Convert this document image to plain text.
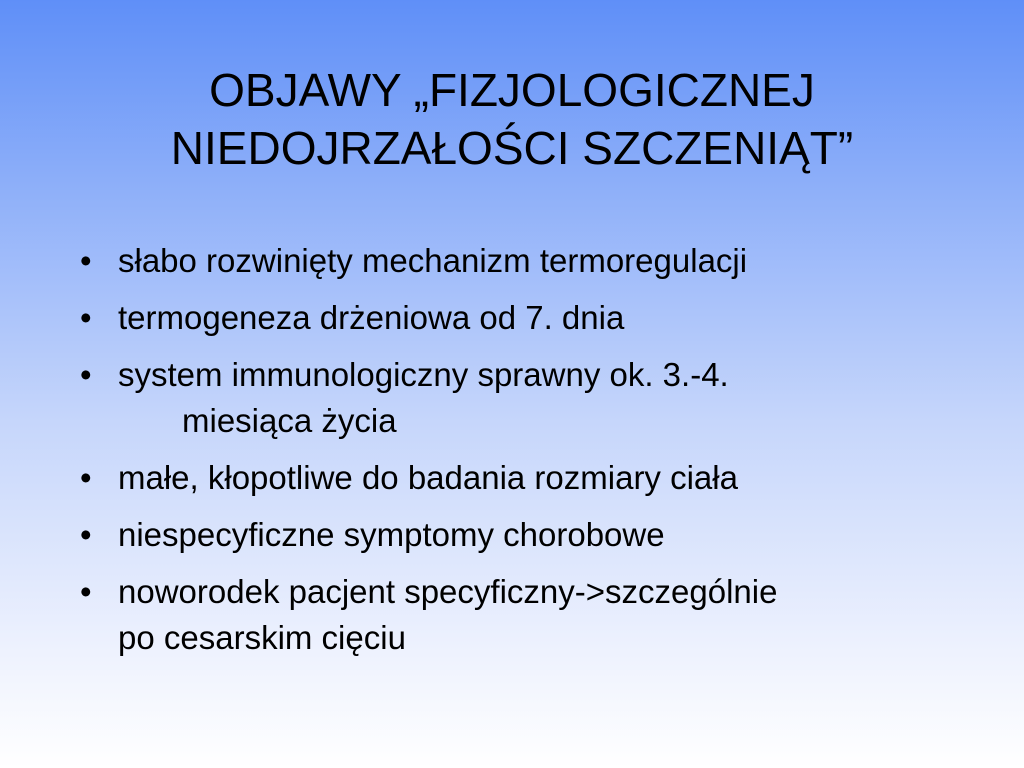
OBJAWY „FIZJOLOGICZNEJ
NIEDOJRZAŁOŚCI SZCZENIĄT”
• słabo rozwinięty mechanizm termoregulacji
• termogeneza drżeniowa od 7. dnia
• system immunologiczny sprawny ok. 3.-4.
miesiąca życia
• małe, kłopotliwe do badania rozmiary ciała
• niespecyficzne symptomy chorobowe
• noworodek pacjent specyficzny->szczególnie
po cesarskim cięciu
